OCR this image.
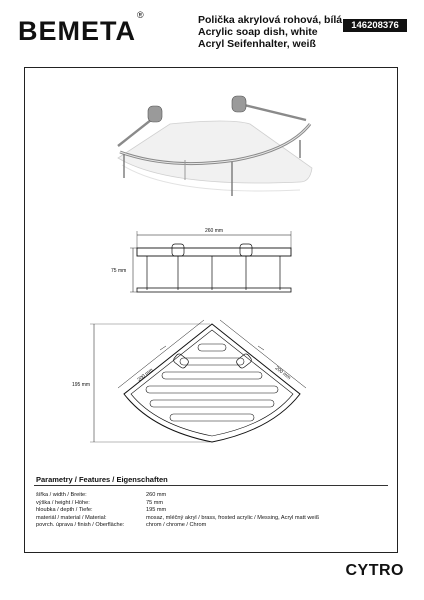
BEMETA®	Polička akrylová rohová, bílá
Acrylic soap dish, white
Acryl Seifenhalter, weiß
146208376
260 mm
75 mm
195 mm
200 mm	200 mm
Parametry / Features / Eigenschaften
šířka / width / Breite:	260 mm
výška / height / Höhe:	75 mm
hloubka / depth / Tiefe:	195 mm
materiál / material / Material:	mosaz, mléčný akryl / brass, frosted acrylic / Messing, Acryl matt weiß
povrch. úprava / finish / Oberfläche:	chrom / chrome / Chrom
CYTRO
